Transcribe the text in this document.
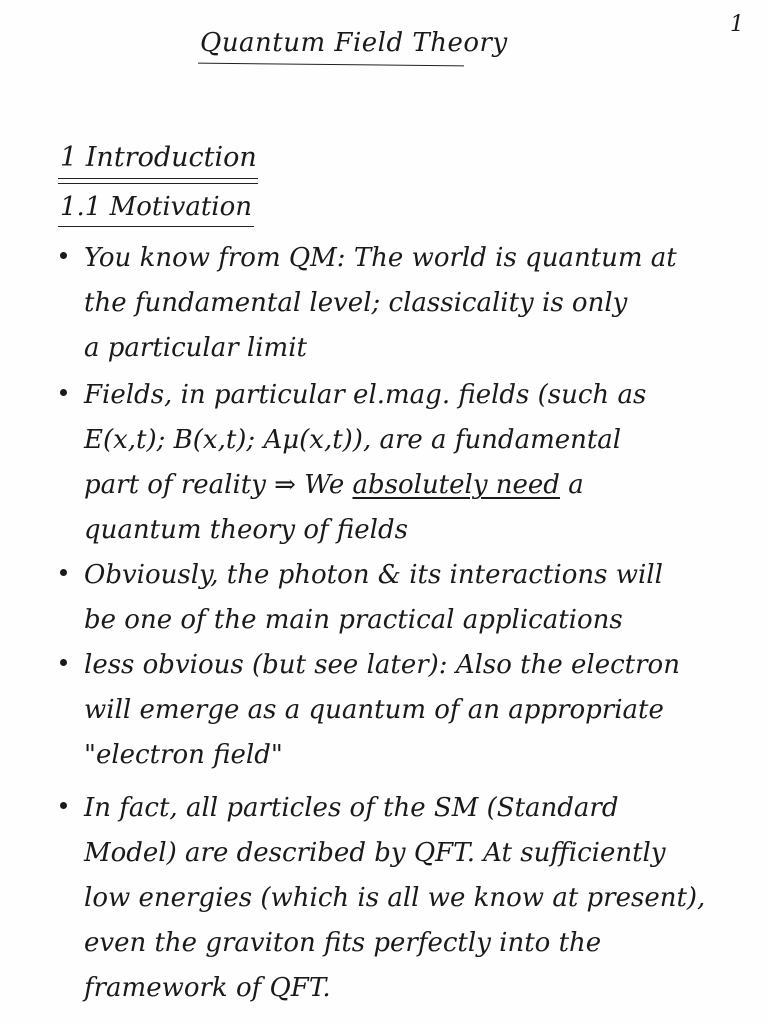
1
Quantum Field Theory
1 Introduction
1.1 Motivation
You know from QM: The world is quantum at
the fundamental level; classicality is only
a particular limit
Fields, in particular el.mag. fields (such as
E(x,t); B(x,t); Aμ(x,t)), are a fundamental
part of reality ⇒ We absolutely need a
quantum theory of fields
Obviously, the photon & its interactions will
be one of the main practical applications
less obvious (but see later): Also the electron
will emerge as a quantum of an appropriate
"electron field"
In fact, all particles of the SM (Standard
Model) are described by QFT. At sufficiently
low energies (which is all we know at present),
even the graviton fits perfectly into the
framework of QFT.
